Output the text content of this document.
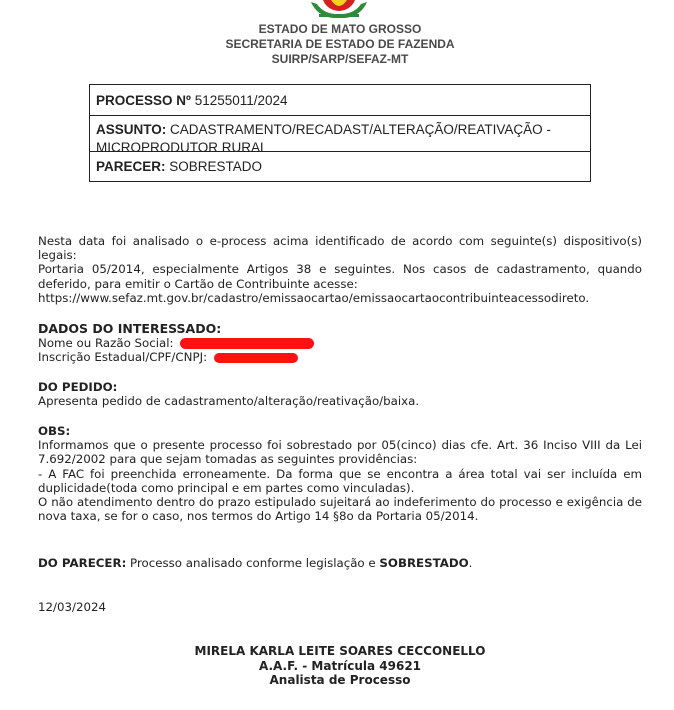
ESTADO DE MATO GROSSO
SECRETARIA DE ESTADO DE FAZENDA
SUIRP/SARP/SEFAZ-MT
PROCESSO Nº 51255011/2024
ASSUNTO: CADASTRAMENTO/RECADAST/ALTERAÇÃO/REATIVAÇÃO -
MICROPRODUTOR RURAL
PARECER: SOBRESTADO
Nesta data foi analisado o e-process acima identificado de acordo com seguinte(s) dispositivo(s) legais:
Portaria 05/2014, especialmente Artigos 38 e seguintes. Nos casos de cadastramento, quando deferido, para emitir o Cartão de Contribuinte acesse:
https://www.sefaz.mt.gov.br/cadastro/emissaocartao/emissaocartaocontribuinteacessodireto.
DADOS DO INTERESSADO:
Nome ou Razão Social:
Inscrição Estadual/CPF/CNPJ:
DO PEDIDO:
Apresenta pedido de cadastramento/alteração/reativação/baixa.
OBS:
Informamos que o presente processo foi sobrestado por 05(cinco) dias cfe. Art. 36 Inciso VIII da Lei 7.692/2002 para que sejam tomadas as seguintes providências:
- A FAC foi preenchida erroneamente. Da forma que se encontra a área total vai ser incluída em duplicidade(toda como principal e em partes como vinculadas).
O não atendimento dentro do prazo estipulado sujeitará ao indeferimento do processo e exigência de nova taxa, se for o caso, nos termos do Artigo 14 §8o da Portaria 05/2014.
DO PARECER: Processo analisado conforme legislação e SOBRESTADO.
12/03/2024
MIRELA KARLA LEITE SOARES CECCONELLO
A.A.F. - Matrícula 49621
Analista de Processo
